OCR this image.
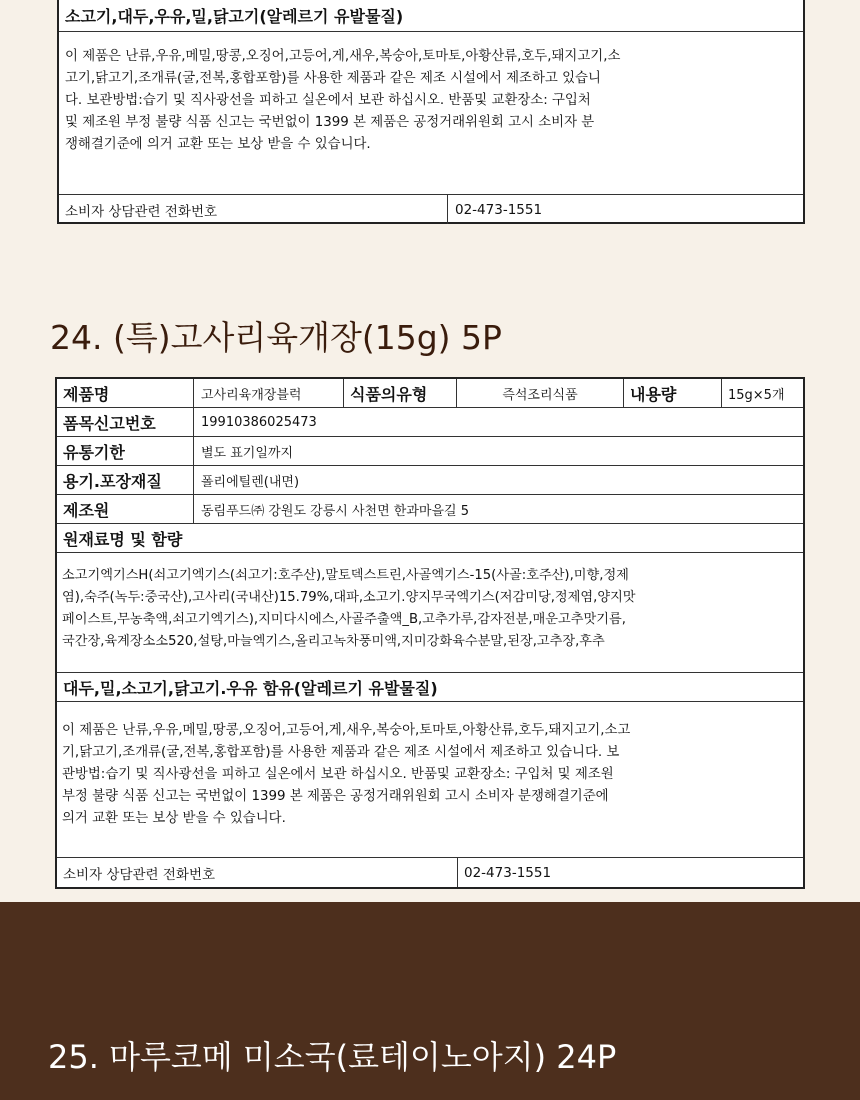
소고기,대두,우유,밀,닭고기(알레르기 유발물질)
이 제품은 난류,우유,메밀,땅콩,오징어,고등어,게,새우,복숭아,토마토,아황산류,호두,돼지고기,소
고기,닭고기,조개류(굴,전복,홍합포함)를 사용한 제품과 같은 제조 시설에서 제조하고 있습니
다. 보관방법:습기 및 직사광선을 피하고 실온에서 보관 하십시오. 반품및 교환장소: 구입처
및 제조원 부정 불량 식품 신고는 국번없이 1399 본 제품은 공정거래위원회 고시 소비자 분
쟁해결기준에 의거 교환 또는 보상 받을 수 있습니다.
소비자 상담관련 전화번호	02-473-1551
24. (특)고사리육개장(15g) 5P
제품명	고사리육개장블럭	식품의유형	즉석조리식품	내용량	15g×5개
폼목신고번호	19910386025473
유통기한	별도 표기일까지
용기.포장재질	폴리에틸렌(내면)
제조원	동림푸드㈜ 강원도 강릉시 사천면 한과마을길 5
원재료명 및 함량
소고기엑기스H(쇠고기엑기스(쇠고기:호주산),말토덱스트린,사골엑기스-15(사골:호주산),미향,정제
염),숙주(녹두:중국산),고사리(국내산)15.79%,대파,소고기.양지무국엑기스(저감미당,정제염,양지맛
페이스트,무농축액,쇠고기엑기스),지미다시에스,사골주출액_B,고추가루,감자전분,매운고추맛기름,
국간장,육계장소소520,설탕,마늘엑기스,올리고녹차풍미액,지미강화육수분말,된장,고추장,후추
대두,밀,소고기,닭고기.우유 함유(알레르기 유발물질)
이 제품은 난류,우유,메밀,땅콩,오징어,고등어,게,새우,복숭아,토마토,아황산류,호두,돼지고기,소고
기,닭고기,조개류(굴,전복,홍합포함)를 사용한 제품과 같은 제조 시설에서 제조하고 있습니다. 보
관방법:습기 및 직사광선을 피하고 실온에서 보관 하십시오. 반품및 교환장소: 구입처 및 제조원
부정 불량 식품 신고는 국번없이 1399 본 제품은 공정거래위원회 고시 소비자 분쟁해결기준에
의거 교환 또는 보상 받을 수 있습니다.
소비자 상담관련 전화번호	02-473-1551
25. 마루코메 미소국(료테이노아지) 24P
